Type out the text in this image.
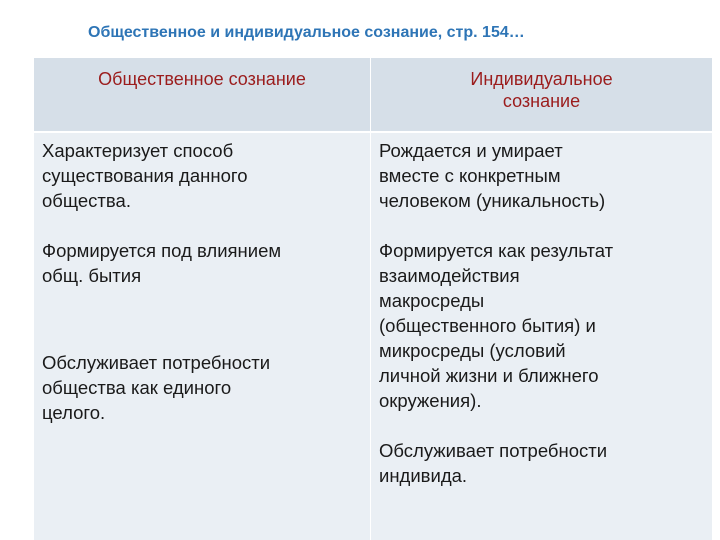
Общественное и индивидуальное сознание, стр. 154…
Общественное сознание	Индивидуальное
сознание

Характеризует способ
существования данного
общества.

Формируется под влиянием
общ. бытия

Обслуживает потребности
общества как единого
целого.

Рождается и умирает
вместе с конкретным
человеком (уникальность)

Формируется как результат
взаимодействия
макросреды
(общественного бытия) и
микросреды (условий
личной жизни и ближнего
окружения).

Обслуживает потребности
индивида.
